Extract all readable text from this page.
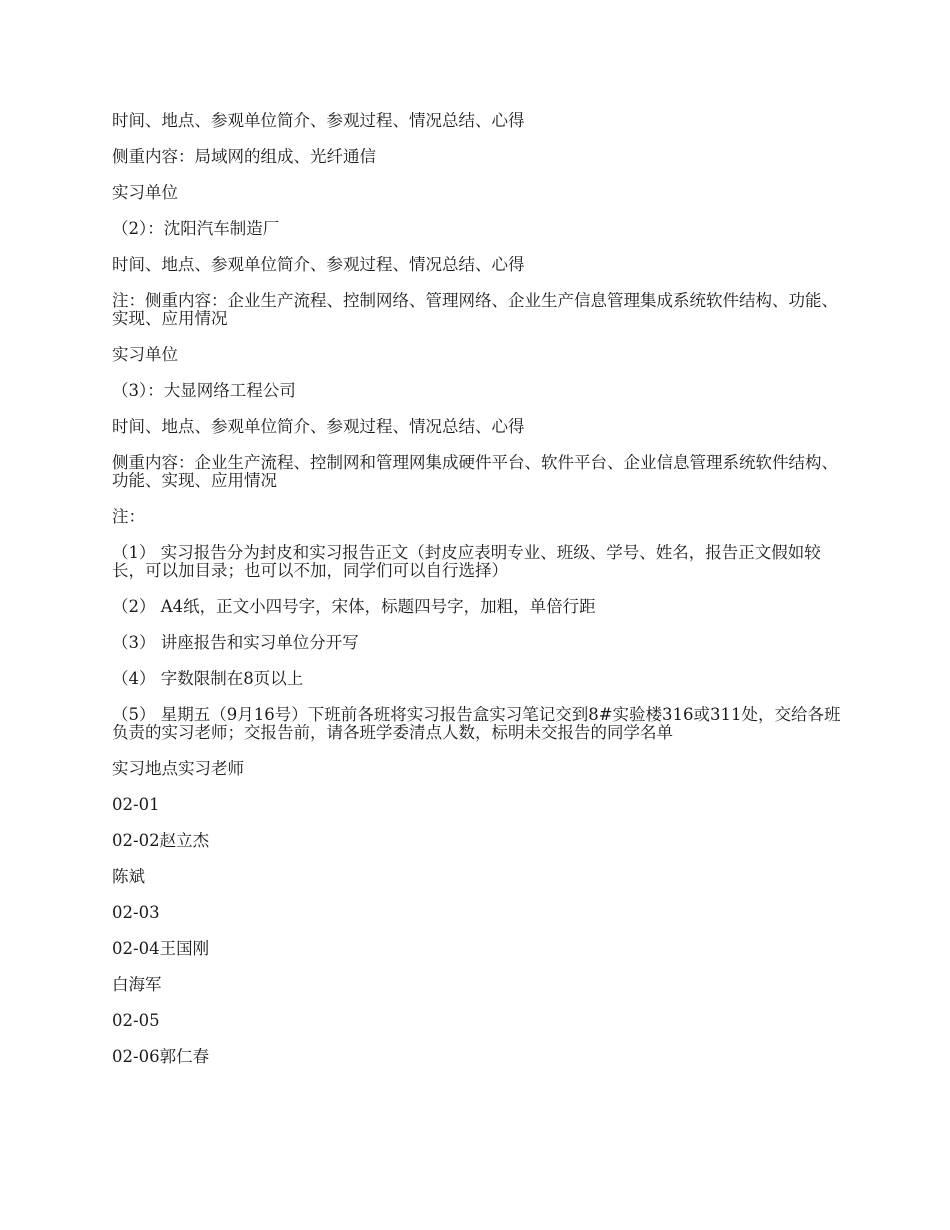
时间、地点、参观单位简介、参观过程、情况总结、心得

侧重内容：局域网的组成、光纤通信

实习单位

（2）：沈阳汽车制造厂

时间、地点、参观单位简介、参观过程、情况总结、心得

注：侧重内容：企业生产流程、控制网络、管理网络、企业生产信息管理集成系统软件结构、功能、实现、应用情况

实习单位

（3）：大显网络工程公司

时间、地点、参观单位简介、参观过程、情况总结、心得

侧重内容：企业生产流程、控制网和管理网集成硬件平台、软件平台、企业信息管理系统软件结构、功能、实现、应用情况

注：

（1） 实习报告分为封皮和实习报告正文（封皮应表明专业、班级、学号、姓名，报告正文假如较长，可以加目录；也可以不加，同学们可以自行选择）

（2） A4纸，正文小四号字，宋体，标题四号字，加粗，单倍行距

（3） 讲座报告和实习单位分开写

（4） 字数限制在8页以上

（5） 星期五（9月16号）下班前各班将实习报告盒实习笔记交到8#实验楼316或311处，交给各班负责的实习老师；交报告前，请各班学委清点人数，标明未交报告的同学名单

实习地点实习老师

02-01

02-02赵立杰

陈斌

02-03

02-04王国刚

白海军

02-05

02-06郭仁春
